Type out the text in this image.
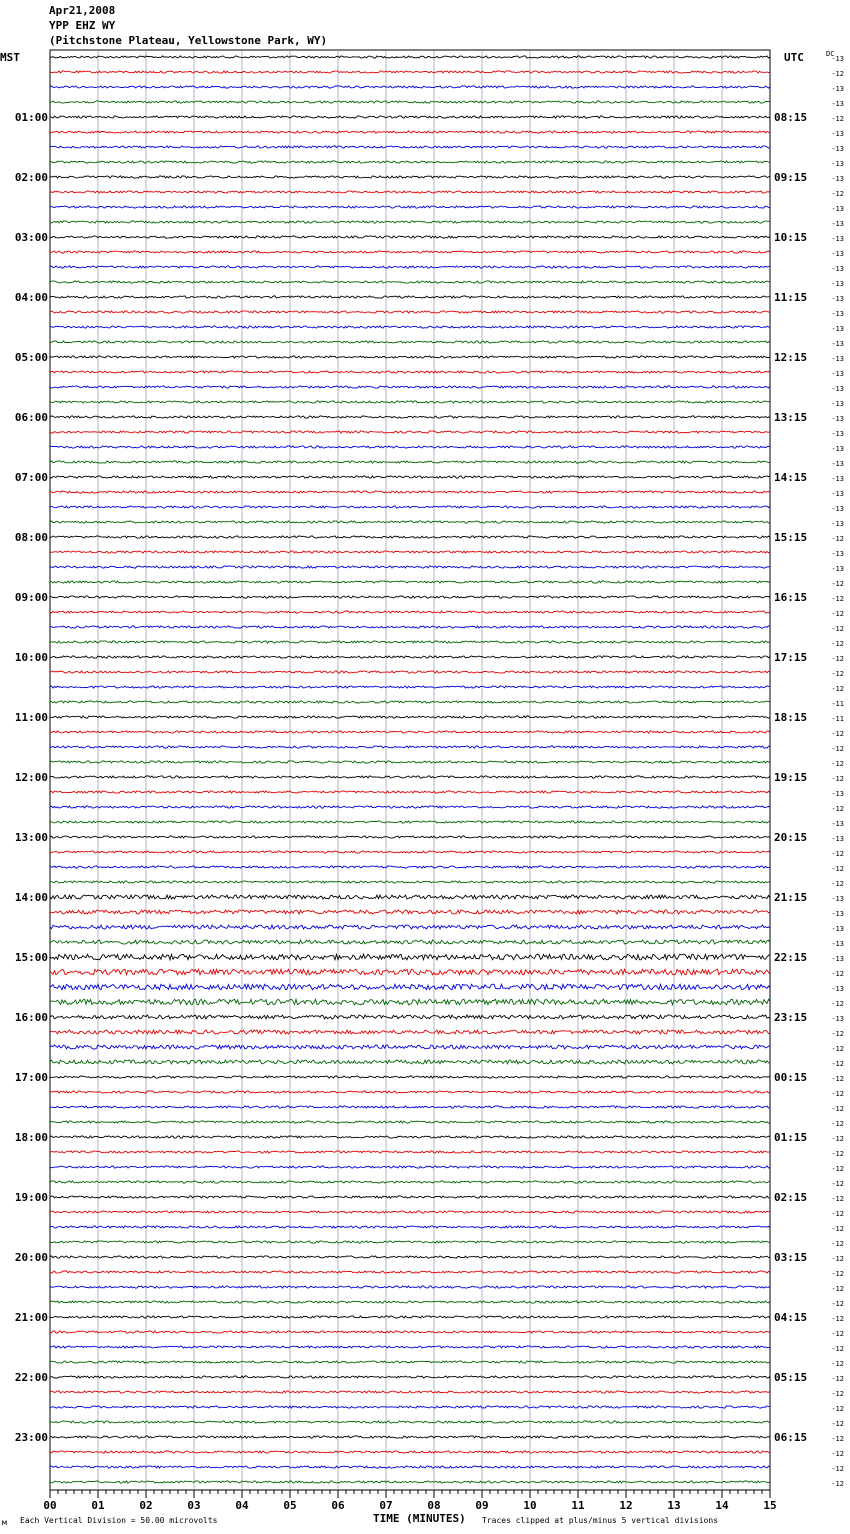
Apr21,2008
YPP EHZ WY
(Pitchstone Plateau, Yellowstone Park, WY)
MST
01:00
02:00
03:00
04:00
05:00
06:00
07:00
08:00
09:00
10:00
11:00
12:00
13:00
14:00
15:00
16:00
17:00
18:00
19:00
20:00
21:00
22:00
23:00
UTC
08:15
09:15
10:15
11:15
12:15
13:15
14:15
15:15
16:15
17:15
18:15
19:15
20:15
21:15
22:15
23:15
00:15
01:15
02:15
03:15
04:15
05:15
06:15
DC
-13
-12
-13
-13
-12
-13
-13
-13
-13
-12
-13
-13
-13
-13
-13
-13
-13
-13
-13
-13
-13
-13
-13
-13
-13
-13
-13
-13
-13
-13
-13
-13
-12
-13
-13
-12
-12
-12
-12
-12
-12
-12
-12
-11
-11
-12
-12
-12
-12
-13
-12
-13
-13
-12
-12
-12
-13
-13
-13
-13
-13
-12
-13
-12
-13
-12
-12
-12
-12
-12
-12
-12
-12
-12
-12
-12
-12
-12
-12
-12
-12
-12
-12
-12
-12
-12
-12
-12
-12
-12
-12
-12
-12
-12
-12
-12
00	01	02	03	04	05	06	07	08	09	10	11	12	13	14	15
м Each Vertical Division = 50.00 microvolts	TIME (MINUTES) Traces clipped at plus/minus 5 vertical divisions
